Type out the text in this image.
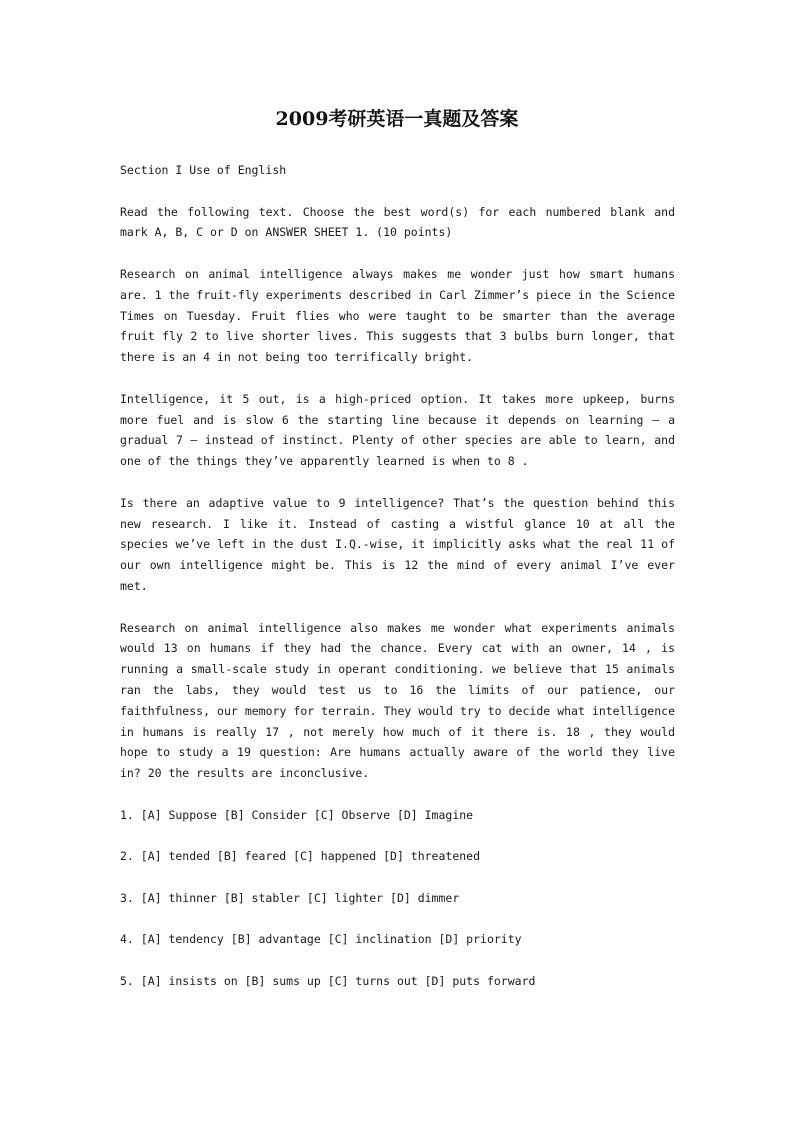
2009考研英语一真题及答案

Section I Use of English

Read the following text. Choose the best word(s) for each numbered blank and mark A, B, C or D on ANSWER SHEET 1. (10 points)

Research on animal intelligence always makes me wonder just how smart humans are. 1 the fruit-fly experiments described in Carl Zimmer’s piece in the Science Times on Tuesday. Fruit flies who were taught to be smarter than the average fruit fly 2 to live shorter lives. This suggests that 3 bulbs burn longer, that there is an 4 in not being too terrifically bright.

Intelligence, it 5 out, is a high-priced option. It takes more upkeep, burns more fuel and is slow 6 the starting line because it depends on learning — a gradual 7 — instead of instinct. Plenty of other species are able to learn, and one of the things they’ve apparently learned is when to 8 .

Is there an adaptive value to 9 intelligence? That’s the question behind this new research. I like it. Instead of casting a wistful glance 10 at all the species we’ve left in the dust I.Q.-wise, it implicitly asks what the real 11 of our own intelligence might be. This is 12 the mind of every animal I’ve ever met.

Research on animal intelligence also makes me wonder what experiments animals would 13 on humans if they had the chance. Every cat with an owner, 14 , is running a small-scale study in operant conditioning. we believe that 15 animals ran the labs, they would test us to 16 the limits of our patience, our faithfulness, our memory for terrain. They would try to decide what intelligence in humans is really 17 , not merely how much of it there is. 18 , they would hope to study a 19 question: Are humans actually aware of the world they live in? 20 the results are inconclusive.

1. [A] Suppose [B] Consider [C] Observe [D] Imagine
2. [A] tended [B] feared [C] happened [D] threatened
3. [A] thinner [B] stabler [C] lighter [D] dimmer
4. [A] tendency [B] advantage [C] inclination [D] priority
5. [A] insists on [B] sums up [C] turns out [D] puts forward
